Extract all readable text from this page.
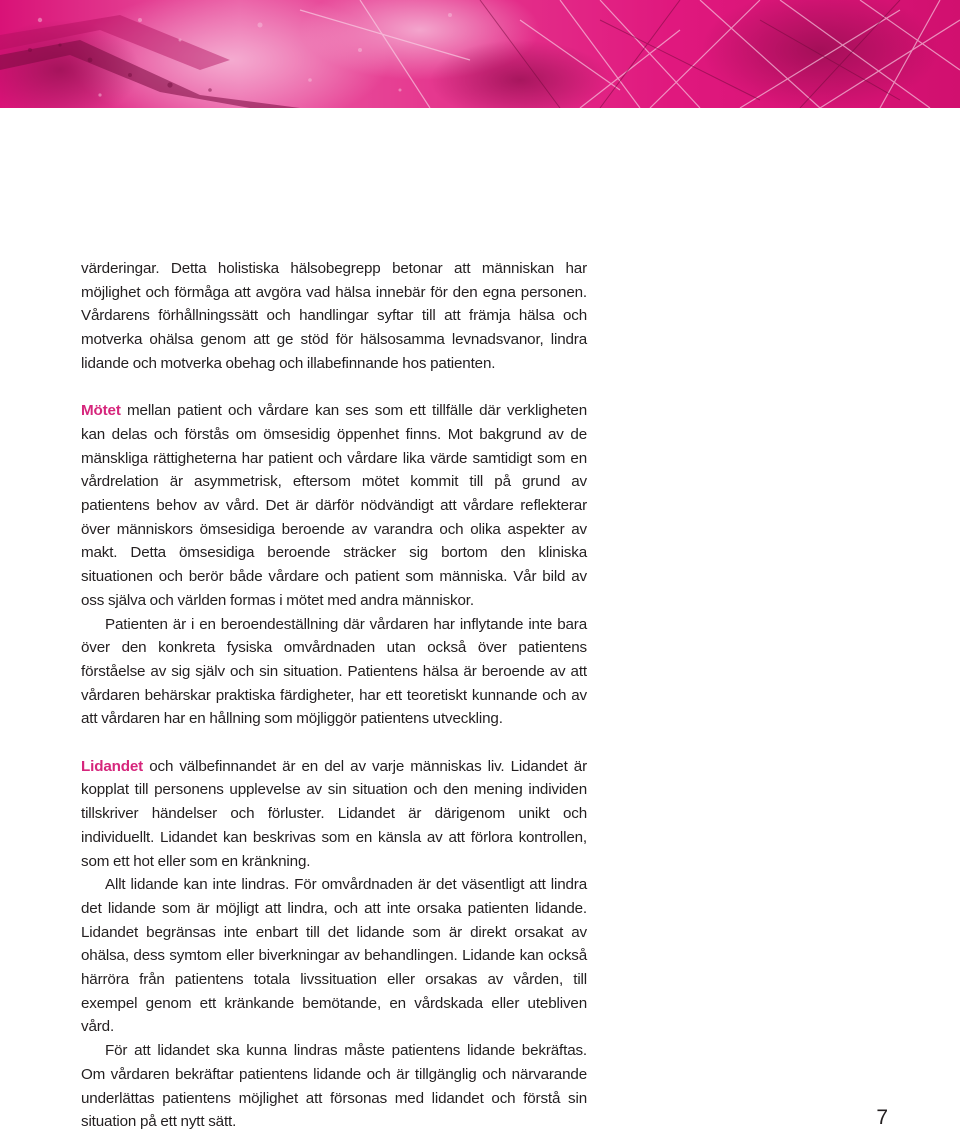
värderingar. Detta holistiska hälsobegrepp betonar att människan har möjlighet och förmåga att avgöra vad hälsa innebär för den egna personen. Vårdarens förhållningssätt och handlingar syftar till att främja hälsa och motverka ohälsa genom att ge stöd för hälsosamma levnadsvanor, lindra lidande och motverka obehag och illabefinnande hos patienten.

Mötet mellan patient och vårdare kan ses som ett tillfälle där verkligheten kan delas och förstås om ömsesidig öppenhet finns. Mot bakgrund av de mänskliga rättigheterna har patient och vårdare lika värde samtidigt som en vårdrelation är asymmetrisk, eftersom mötet kommit till på grund av patientens behov av vård. Det är därför nödvändigt att vårdare reflekterar över människors ömsesidiga beroende av varandra och olika aspekter av makt. Detta ömsesidiga beroende sträcker sig bortom den kliniska situationen och berör både vårdare och patient som människa. Vår bild av oss själva och världen formas i mötet med andra människor.

Patienten är i en beroendeställning där vårdaren har inflytande inte bara över den konkreta fysiska omvårdnaden utan också över patientens förståelse av sig själv och sin situation. Patientens hälsa är beroende av att vårdaren behärskar praktiska färdigheter, har ett teoretiskt kunnande och av att vårdaren har en hållning som möjliggör patientens utveckling.

Lidandet och välbefinnandet är en del av varje människas liv. Lidandet är kopplat till personens upplevelse av sin situation och den mening individen tillskriver händelser och förluster. Lidandet är därigenom unikt och individuellt. Lidandet kan beskrivas som en känsla av att förlora kontrollen, som ett hot eller som en kränkning.

Allt lidande kan inte lindras. För omvårdnaden är det väsentligt att lindra det lidande som är möjligt att lindra, och att inte orsaka patienten lidande. Lidandet begränsas inte enbart till det lidande som är direkt orsakat av ohälsa, dess symtom eller biverkningar av behandlingen. Lidande kan också härröra från patientens totala livssituation eller orsakas av vården, till exempel genom ett kränkande bemötande, en vårdskada eller utebliven vård.

För att lidandet ska kunna lindras måste patientens lidande bekräftas. Om vårdaren bekräftar patientens lidande och är tillgänglig och närvarande underlättas patientens möjlighet att försonas med lidandet och förstå sin situation på ett nytt sätt.	7
